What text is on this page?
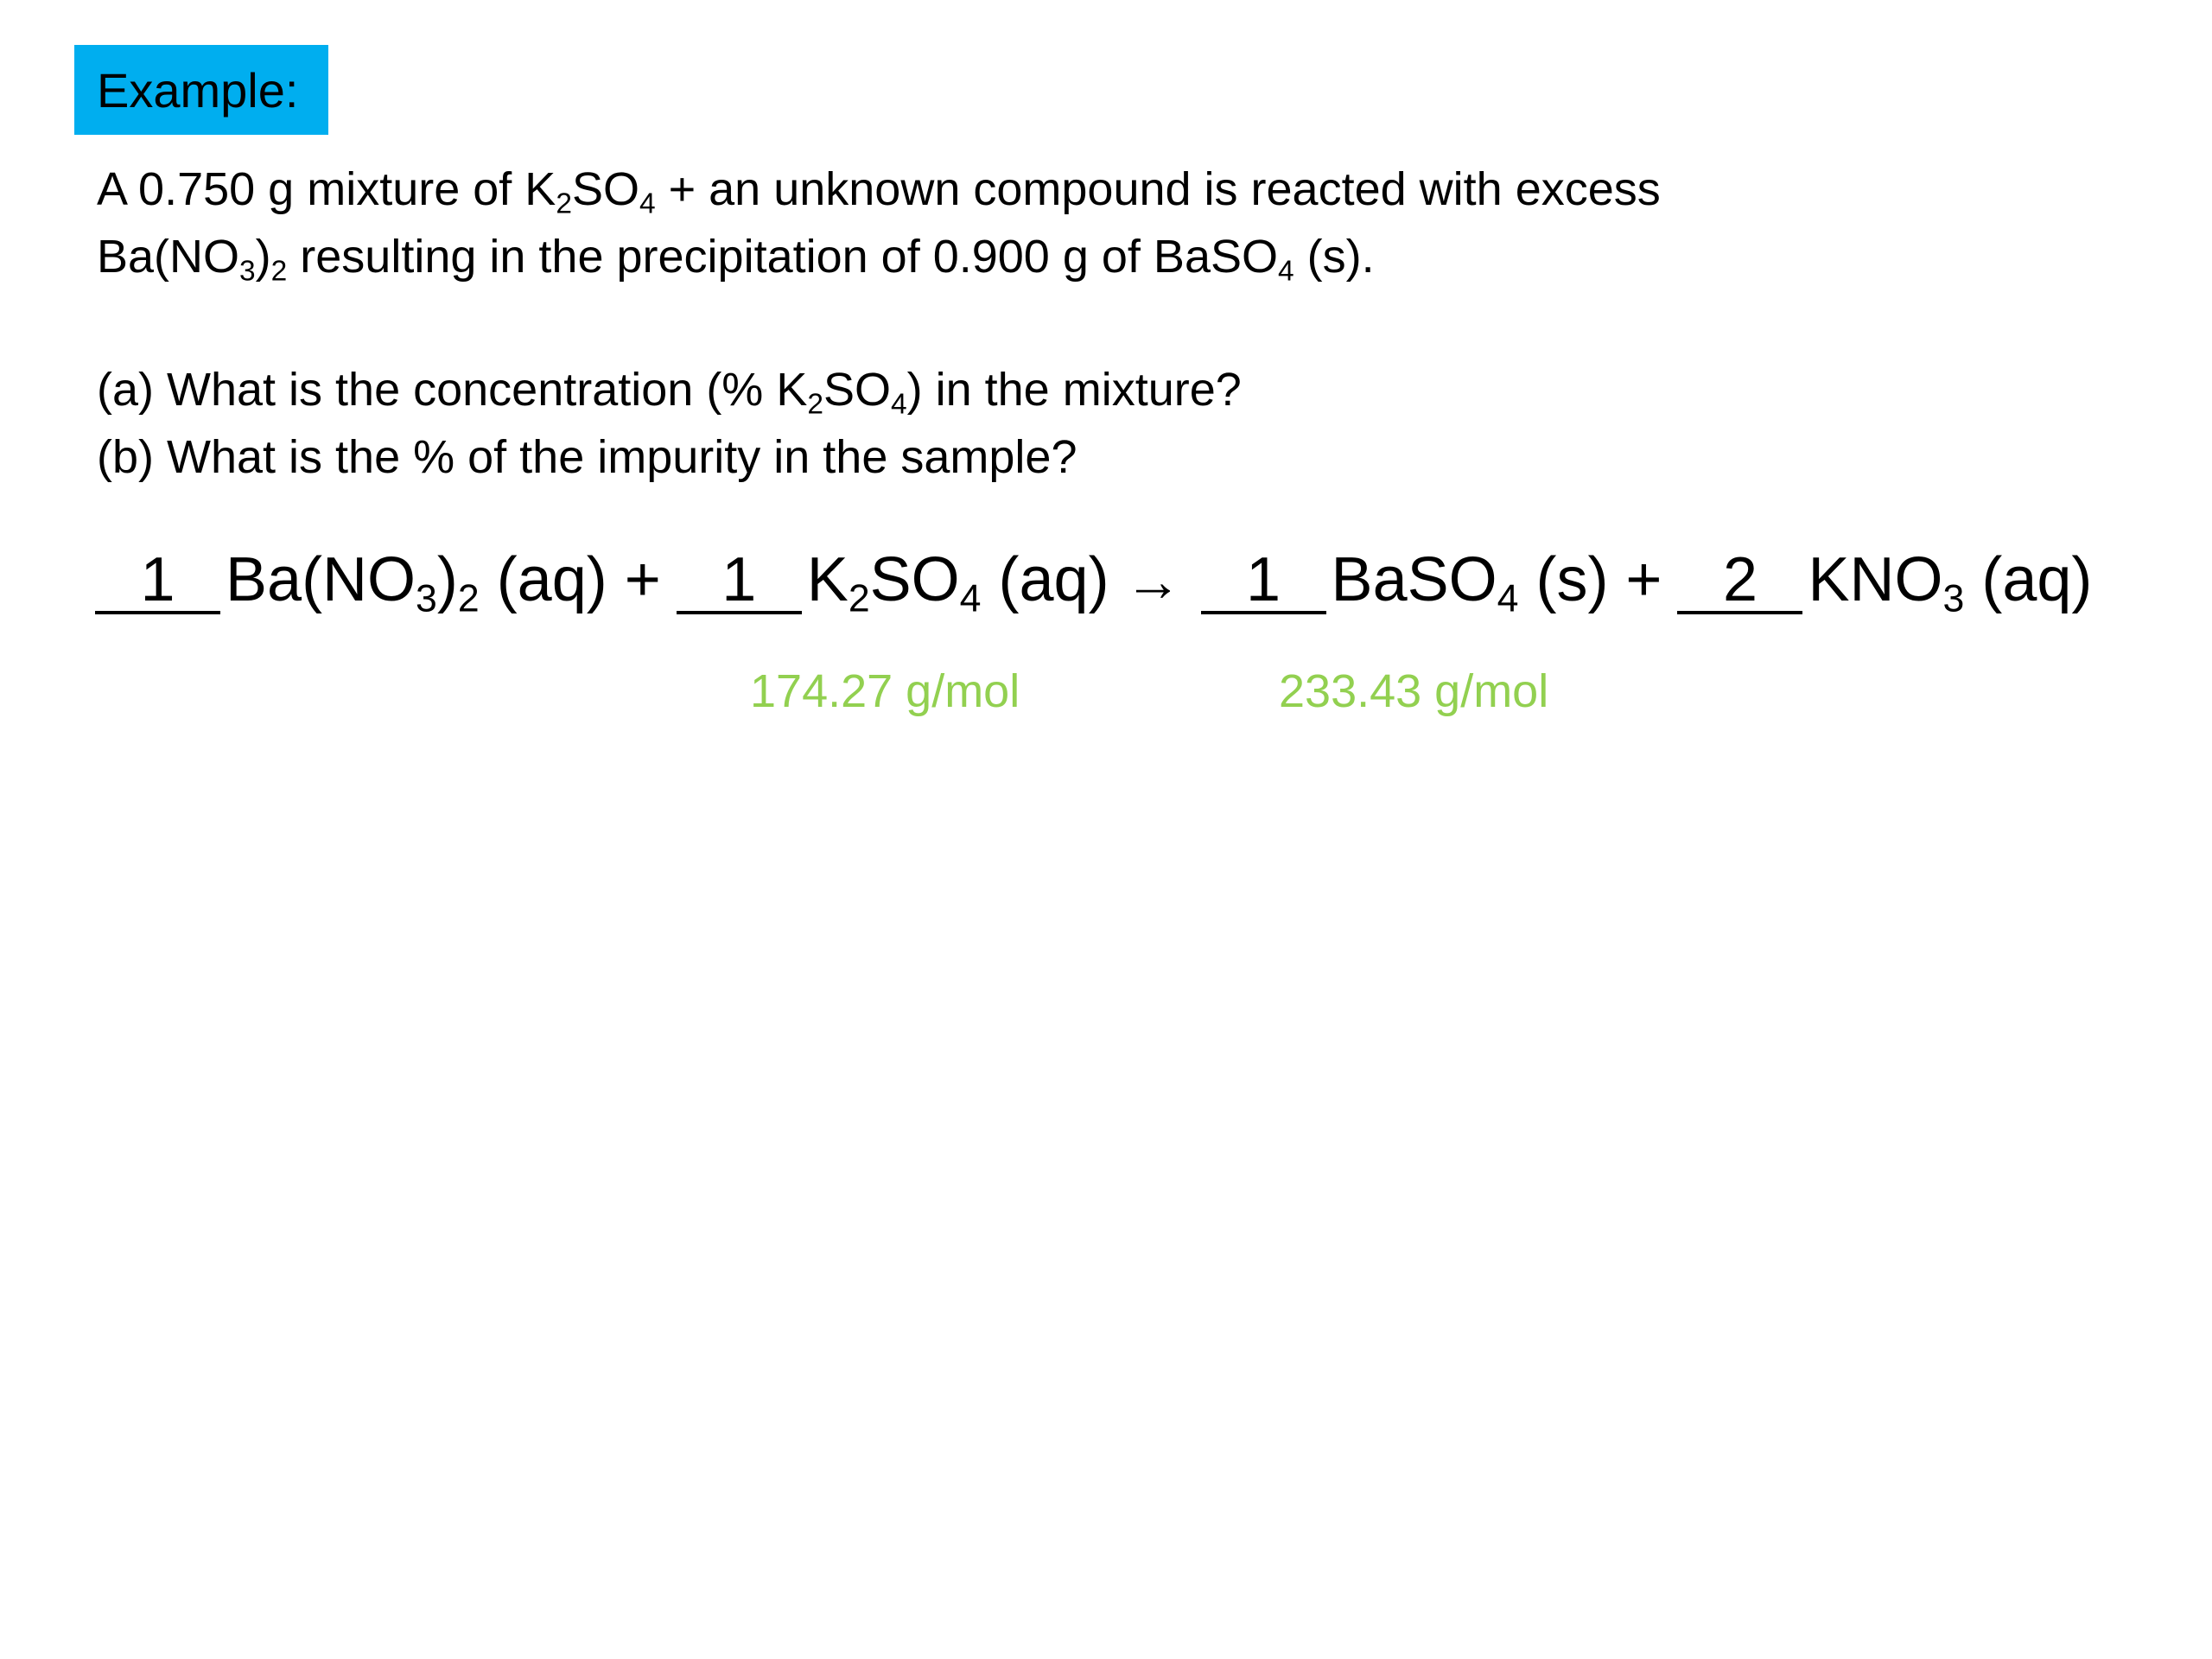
Example:
A 0.750 g mixture of $K_2SO_4$ + an unknown compound is reacted with excess
$Ba(NO_3)_2$ resulting in the precipitation of 0.900 g of BaSO$_4$ (s).
(a) What is the concentration (% $K_2SO_4$) in the mixture?
(b) What is the % of the impurity in the sample?
1 $Ba(NO_3)_2$ (aq) + 1 $K_2SO_4$ (aq) →	1 BaSO$_4$ (s) + 2 $KNO_3$ (aq)
174.27 g/mol	233.43 g/mol
